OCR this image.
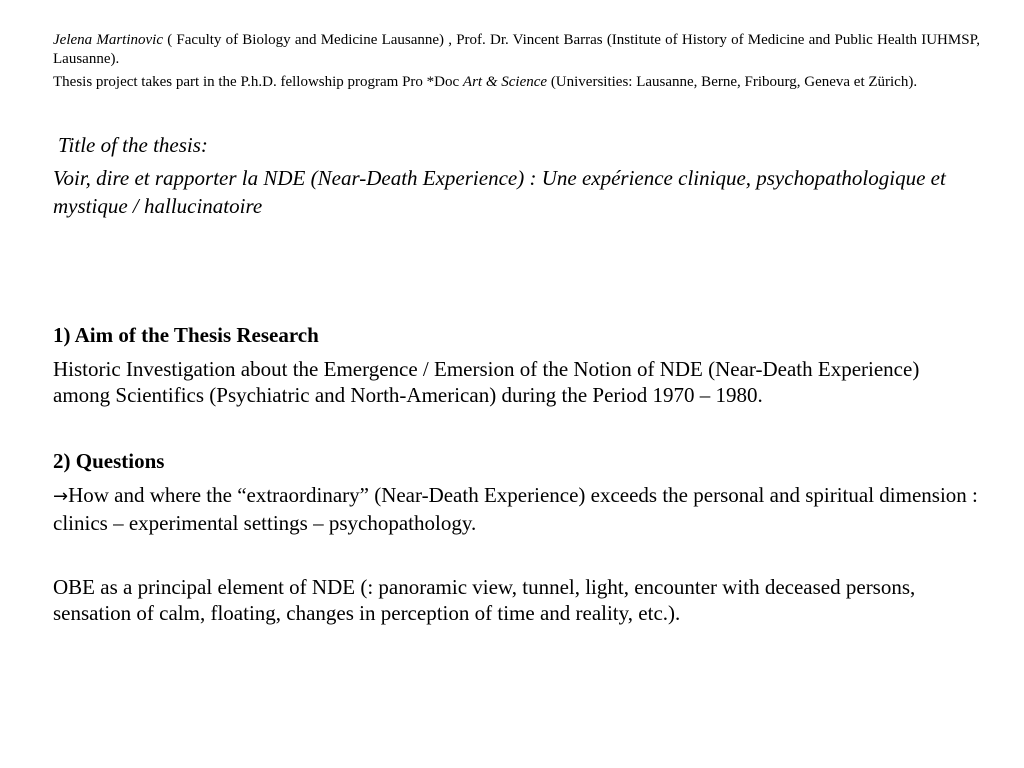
Jelena Martinovic ( Faculty of Biology and Medicine Lausanne) , Prof. Dr. Vincent Barras (Institute of History of Medicine and Public Health IUHMSP, Lausanne).
Thesis project takes part in the P.h.D. fellowship program Pro *Doc Art & Science (Universities: Lausanne, Berne, Fribourg, Geneva et Zürich).
Title of the thesis:
Voir, dire et rapporter la NDE (Near-Death Experience) : Une expérience clinique, psychopathologique et mystique / hallucinatoire
1) Aim of the Thesis Research
Historic Investigation about the Emergence / Emersion of the Notion of NDE (Near-Death Experience) among Scientifics (Psychiatric and North-American) during the Period 1970 – 1980.
2) Questions
→How and where the “extraordinary” (Near-Death Experience) exceeds the personal and spiritual dimension : clinics – experimental settings – psychopathology.
OBE as a principal element of NDE (: panoramic view, tunnel, light, encounter with deceased persons, sensation of calm, floating, changes in perception of time and reality, etc.).
